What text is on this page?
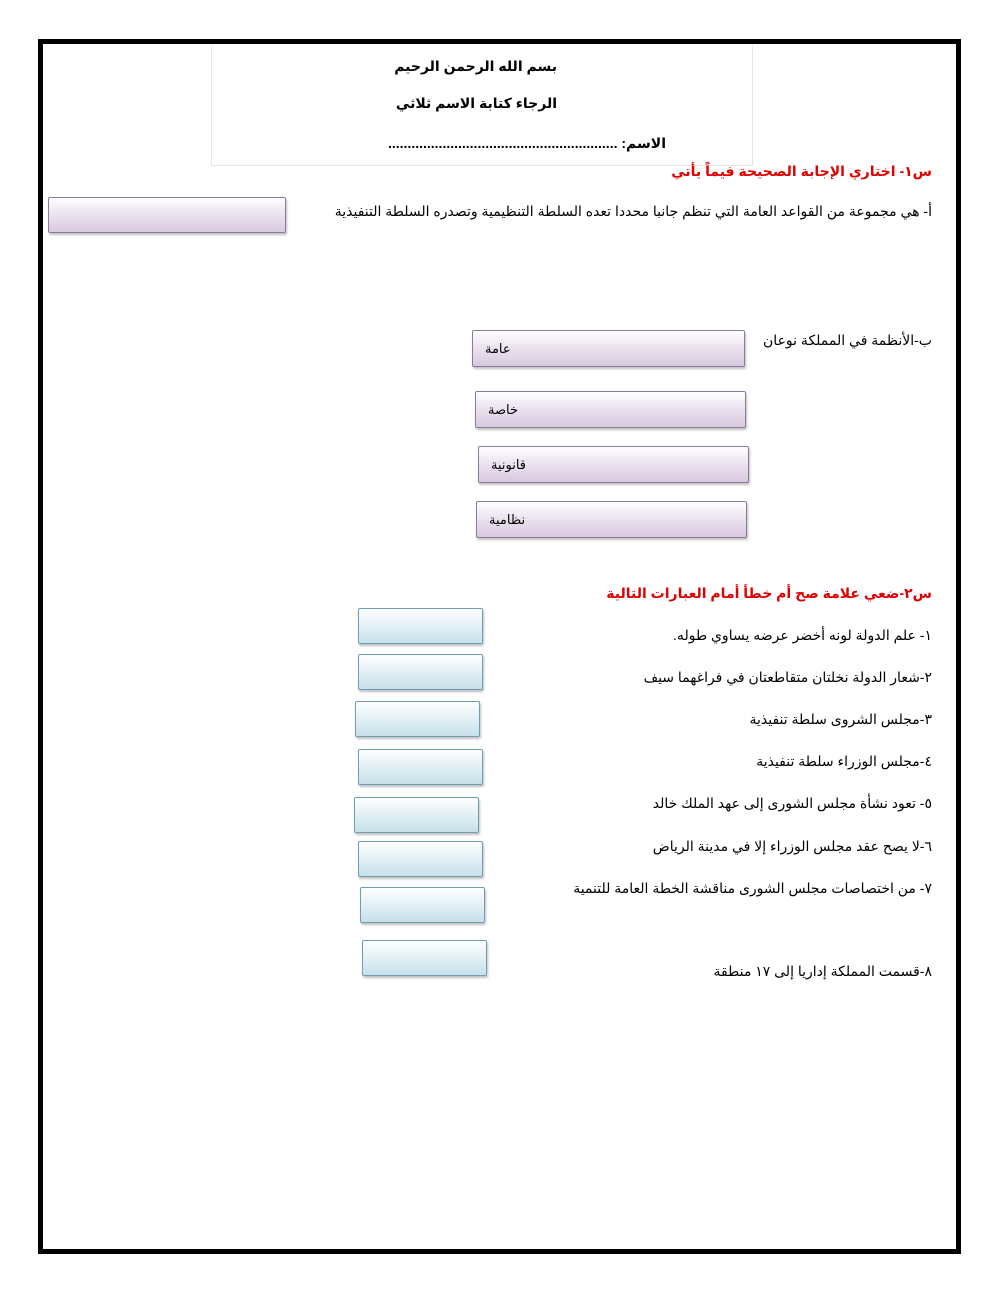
بسم الله الرحمن الرحيم
الرجاء كتابة الاسم ثلاثي
الاسم: ...........................................................
س١- اختاري الإجابة الصحيحة فيماً يأتي
أ- هي مجموعة من القواعد العامة التي تنظم جانبا محددا تعده السلطة التنظيمية وتصدره السلطة التنفيذية
ب-الأنظمة في المملكة نوعان
عامة
خاصة
قانونية
نظامية
س٢-ضعي علامة صح أم خطأ أمام العبارات التالية
١- علم الدولة لونه أخضر عرضه يساوي طوله.
٢-شعار الدولة نخلتان متقاطعتان في فراغهما سيف
٣-مجلس الشروى سلطة تنفيذية
٤-مجلس الوزراء سلطة تنفيذية
٥- تعود نشأة مجلس الشورى إلى عهد الملك خالد
٦-لا يصح عقد مجلس الوزراء إلا في مدينة الرياض
٧- من اختصاصات مجلس الشورى مناقشة الخطة العامة للتنمية
٨-قسمت المملكة إداريا إلى ١٧ منطقة
